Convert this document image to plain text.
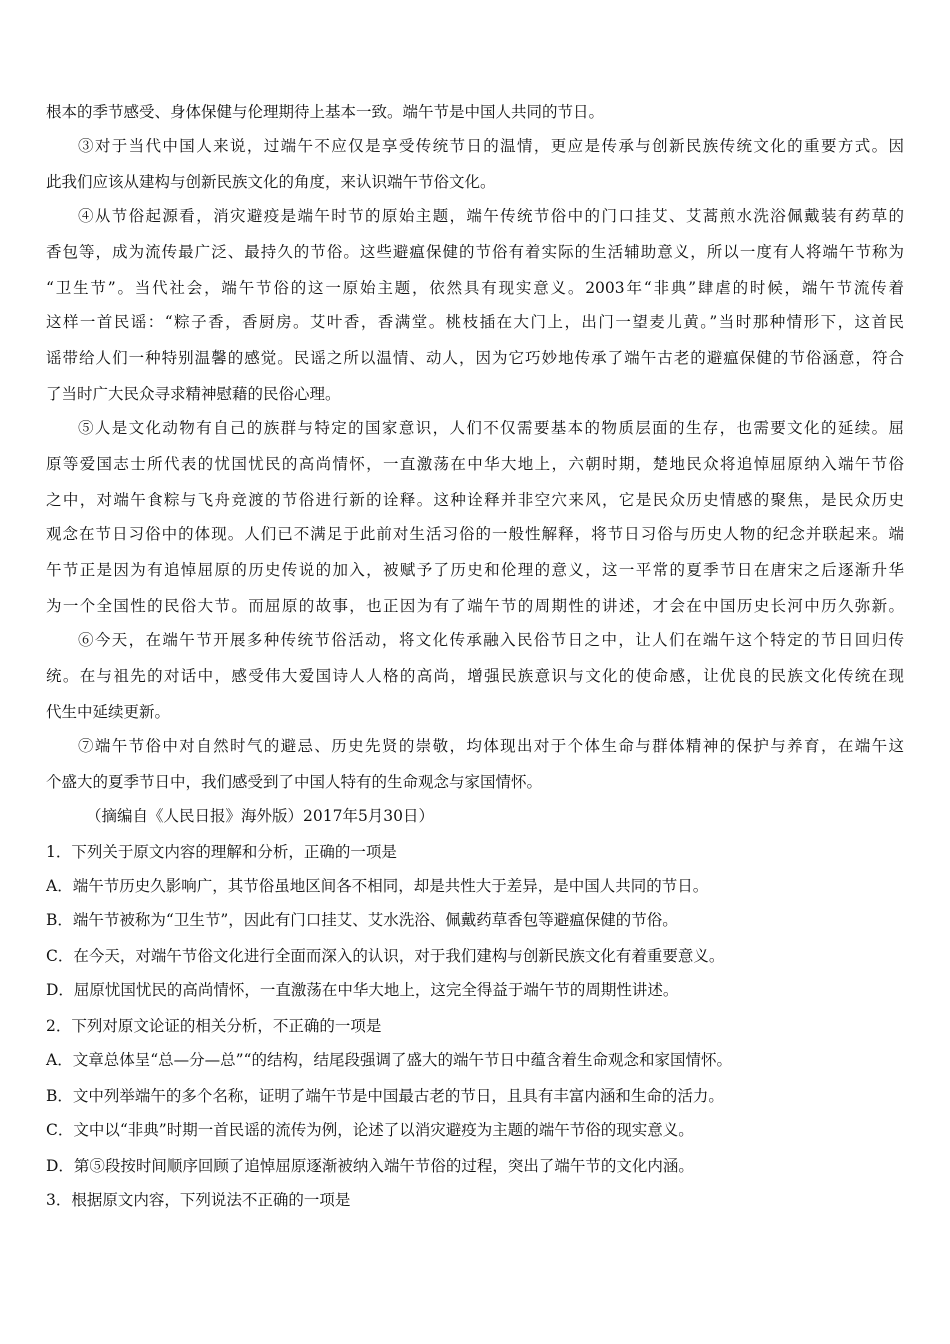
根本的季节感受、身体保健与伦理期待上基本一致。端午节是中国人共同的节日。
③对于当代中国人来说，过端午不应仅是享受传统节日的温情，更应是传承与创新民族传统文化的重要方式。因
此我们应该从建构与创新民族文化的角度，来认识端午节俗文化。
④从节俗起源看，消灾避疫是端午时节的原始主题，端午传统节俗中的门口挂艾、艾蒿煎水洗浴佩戴装有药草的
香包等，成为流传最广泛、最持久的节俗。这些避瘟保健的节俗有着实际的生活辅助意义，所以一度有人将端午节称为
“卫生节”。当代社会，端午节俗的这一原始主题，依然具有现实意义。2003年“非典”肆虐的时候，端午节流传着
这样一首民谣：“粽子香，香厨房。艾叶香，香满堂。桃枝插在大门上，出门一望麦儿黄。”当时那种情形下，这首民
谣带给人们一种特别温馨的感觉。民谣之所以温情、动人，因为它巧妙地传承了端午古老的避瘟保健的节俗涵意，符合
了当时广大民众寻求精神慰藉的民俗心理。
⑤人是文化动物有自己的族群与特定的国家意识，人们不仅需要基本的物质层面的生存，也需要文化的延续。屈
原等爱国志士所代表的忧国忧民的高尚情怀，一直激荡在中华大地上，六朝时期，楚地民众将追悼屈原纳入端午节俗
之中，对端午食粽与飞舟竞渡的节俗进行新的诠释。这种诠释并非空穴来风，它是民众历史情感的聚焦，是民众历史
观念在节日习俗中的体现。人们已不满足于此前对生活习俗的一般性解释，将节日习俗与历史人物的纪念并联起来。端
午节正是因为有追悼屈原的历史传说的加入，被赋予了历史和伦理的意义，这一平常的夏季节日在唐宋之后逐渐升华
为一个全国性的民俗大节。而屈原的故事，也正因为有了端午节的周期性的讲述，才会在中国历史长河中历久弥新。
⑥今天，在端午节开展多种传统节俗活动，将文化传承融入民俗节日之中，让人们在端午这个特定的节日回归传
统。在与祖先的对话中，感受伟大爱国诗人人格的高尚，增强民族意识与文化的使命感，让优良的民族文化传统在现
代生中延续更新。
⑦端午节俗中对自然时气的避忌、历史先贤的崇敬，均体现出对于个体生命与群体精神的保护与养育，在端午这
个盛大的夏季节日中，我们感受到了中国人特有的生命观念与家国情怀。
（摘编自《人民日报》海外版）2017年5月30日）
1．下列关于原文内容的理解和分析，正确的一项是
A．端午节历史久影响广，其节俗虽地区间各不相同，却是共性大于差异，是中国人共同的节日。
B．端午节被称为“卫生节”，因此有门口挂艾、艾水洗浴、佩戴药草香包等避瘟保健的节俗。
C．在今天，对端午节俗文化进行全面而深入的认识，对于我们建构与创新民族文化有着重要意义。
D．屈原忧国忧民的高尚情怀，一直激荡在中华大地上，这完全得益于端午节的周期性讲述。
2．下列对原文论证的相关分析，不正确的一项是
A．文章总体呈“总—分—总”“的结构，结尾段强调了盛大的端午节日中蕴含着生命观念和家国情怀。
B．文中列举端午的多个名称，证明了端午节是中国最古老的节日，且具有丰富内涵和生命的活力。
C．文中以“非典”时期一首民谣的流传为例，论述了以消灾避疫为主题的端午节俗的现实意义。
D．第⑤段按时间顺序回顾了追悼屈原逐渐被纳入端午节俗的过程，突出了端午节的文化内涵。
3．根据原文内容，下列说法不正确的一项是
